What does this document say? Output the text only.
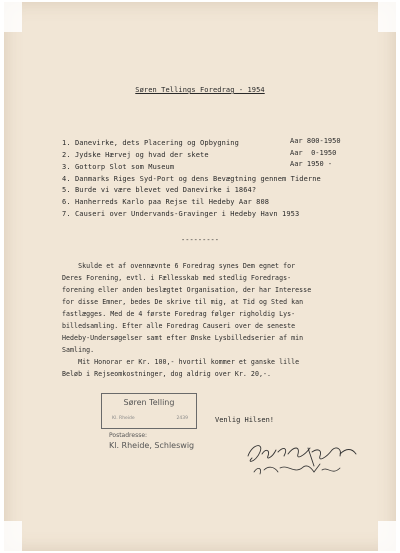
Søren Tellings Foredrag - 1954
1. Danevirke, dets Placering og Opbygning	Aar 800-1950
2. Jydske Hærvej og hvad der skete	Aar  0-1950
3. Gottorp Slot som Museum	Aar 1950 -
4. Danmarks Riges Syd-Port og dens Bevægtning gennem Tiderne
5. Burde vi være blevet ved Danevirke i 1864?
6. Hanherreds Karlo paa Rejse til Hedeby Aar 808
7. Causeri over Undervands-Gravinger i Hedeby Havn 1953
---------
Skulde et af ovennævnte 6 Foredrag synes Dem egnet for
Deres Forening, evtl. i Fællesskab med stedlig Foredrags-
forening eller anden beslægtet Organisation, der har Interesse
for disse Emner, bedes De skrive til mig, at Tid og Sted kan
fastlægges. Med de 4 første Foredrag følger righoldig Lys-
billedsamling. Efter alle Foredrag Causeri over de seneste
Hedeby-Undersøgelser samt efter Ønske Lysbilledserier af min
Samling.
Mit Honorar er Kr. 100,- hvortil kommer et ganske lille
Beløb i Rejseomkostninger, dog aldrig over Kr. 20,-.
Søren Telling
Kl. Rheide	2439
Postadresse:
Kl. Rheide, Schleswig
Venlig Hilsen!
